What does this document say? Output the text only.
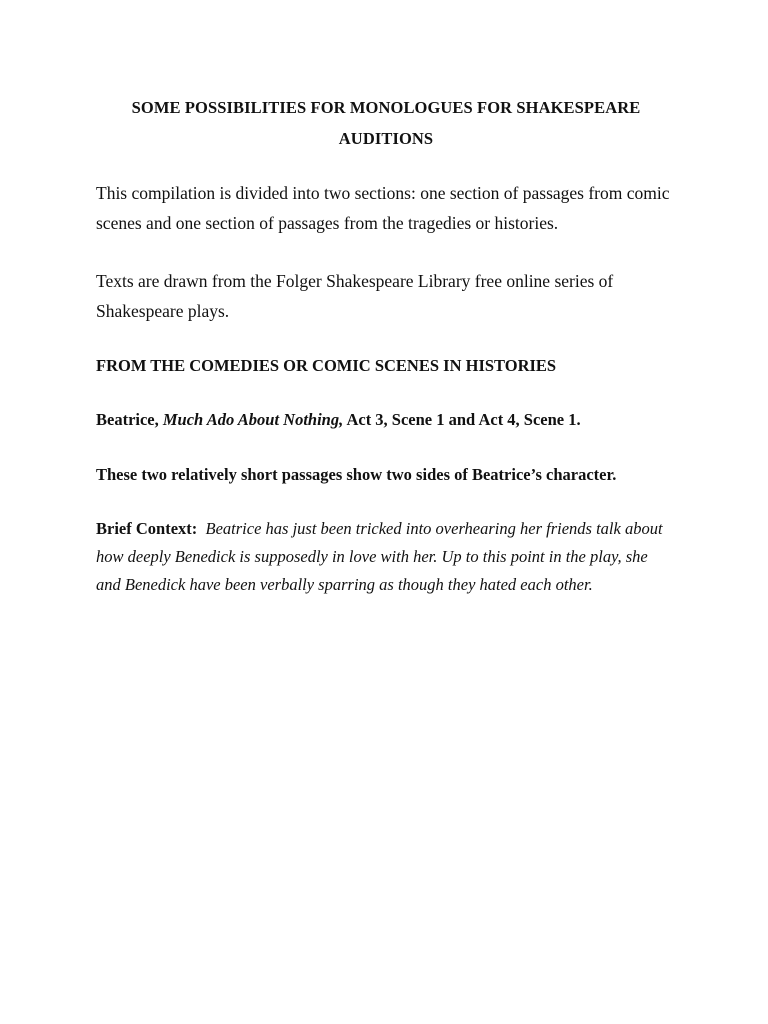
SOME POSSIBILITIES FOR MONOLOGUES FOR SHAKESPEARE AUDITIONS
This compilation is divided into two sections: one section of passages from comic scenes and one section of passages from the tragedies or histories.
Texts are drawn from the Folger Shakespeare Library free online series of Shakespeare plays.
FROM THE COMEDIES OR COMIC SCENES IN HISTORIES
Beatrice, Much Ado About Nothing, Act 3, Scene 1 and Act 4, Scene 1.
These two relatively short passages show two sides of Beatrice’s character.
Brief Context: Beatrice has just been tricked into overhearing her friends talk about how deeply Benedick is supposedly in love with her. Up to this point in the play, she and Benedick have been verbally sparring as though they hated each other.
